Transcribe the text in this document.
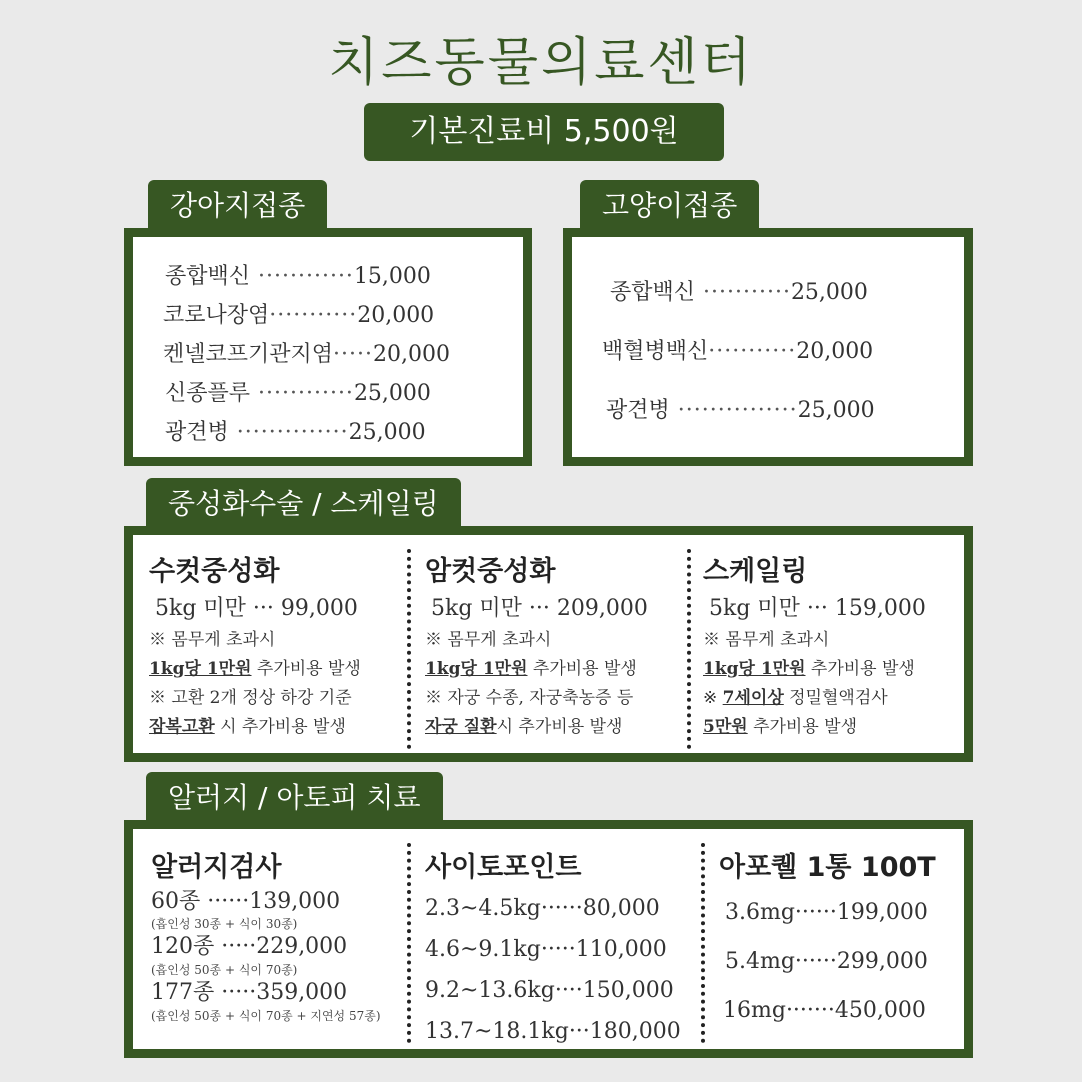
치즈동물의료센터
기본진료비 5,500원
강아지접종
종합백신 ············15,000
코로나장염···········20,000
켄넬코프기관지염·····20,000
신종플루 ············25,000
광견병 ··············25,000
고양이접종
종합백신 ···········25,000
백혈병백신···········20,000
광견병 ···············25,000
중성화수술 / 스케일링
수컷중성화
5kg 미만 ··· 99,000
※ 몸무게 초과시
1kg당 1만원 추가비용 발생
※ 고환 2개 정상 하강 기준
잠복고환 시 추가비용 발생
암컷중성화
5kg 미만 ··· 209,000
※ 몸무게 초과시
1kg당 1만원 추가비용 발생
※ 자궁 수종, 자궁축농증 등
자궁 질환시 추가비용 발생
스케일링
5kg 미만 ··· 159,000
※ 몸무게 초과시
1kg당 1만원 추가비용 발생
※ 7세이상 정밀혈액검사
5만원 추가비용 발생
알러지 / 아토피 치료
알러지검사
60종 ······139,000
(흡인성 30종 + 식이 30종)
120종 ·····229,000
(흡인성 50종 + 식이 70종)
177종 ·····359,000
(흡인성 50종 + 식이 70종 + 지연성 57종)
사이토포인트
2.3~4.5kg······80,000
4.6~9.1kg·····110,000
9.2~13.6kg····150,000
13.7~18.1kg···180,000
아포퀠 1통 100T
3.6mg······199,000
5.4mg······299,000
16mg·······450,000
